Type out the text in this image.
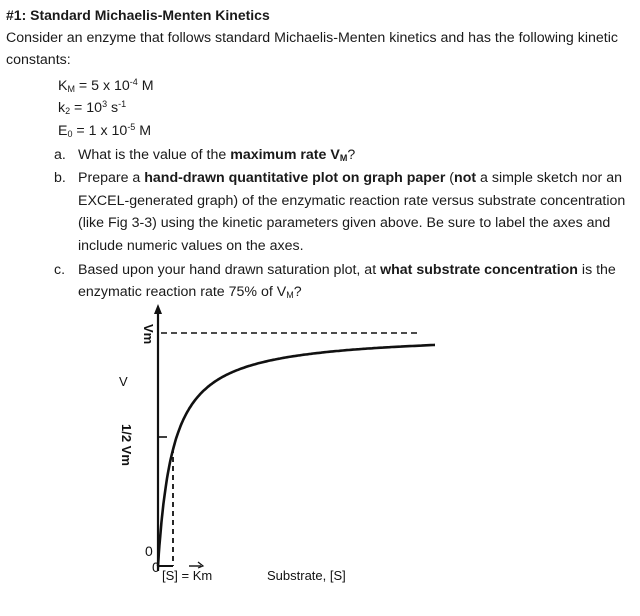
#1: Standard Michaelis-Menten Kinetics

Consider an enzyme that follows standard Michaelis-Menten kinetics and has the following kinetic constants:

$K_M = 5$ x $10^{-4}$ M
$k_2 = 10^3$ $s^{-1}$
$E_0 = 1$ x $10^{-5}$ M
a. What is the value of the maximum rate $V_M$?
b. Prepare a hand-drawn quantitative plot on graph paper (not a simple sketch nor an EXCEL-generated graph) of the enzymatic reaction rate versus substrate concentration (like Fig 3-3) using the kinetic parameters given above. Be sure to label the axes and include numeric values on the axes.
c. Based upon your hand drawn saturation plot, at what substrate concentration is the enzymatic reaction rate 75% of $V_M$?
Vm
1/2 Vm
0
0
[S] = Km
V
Substrate, [S]
